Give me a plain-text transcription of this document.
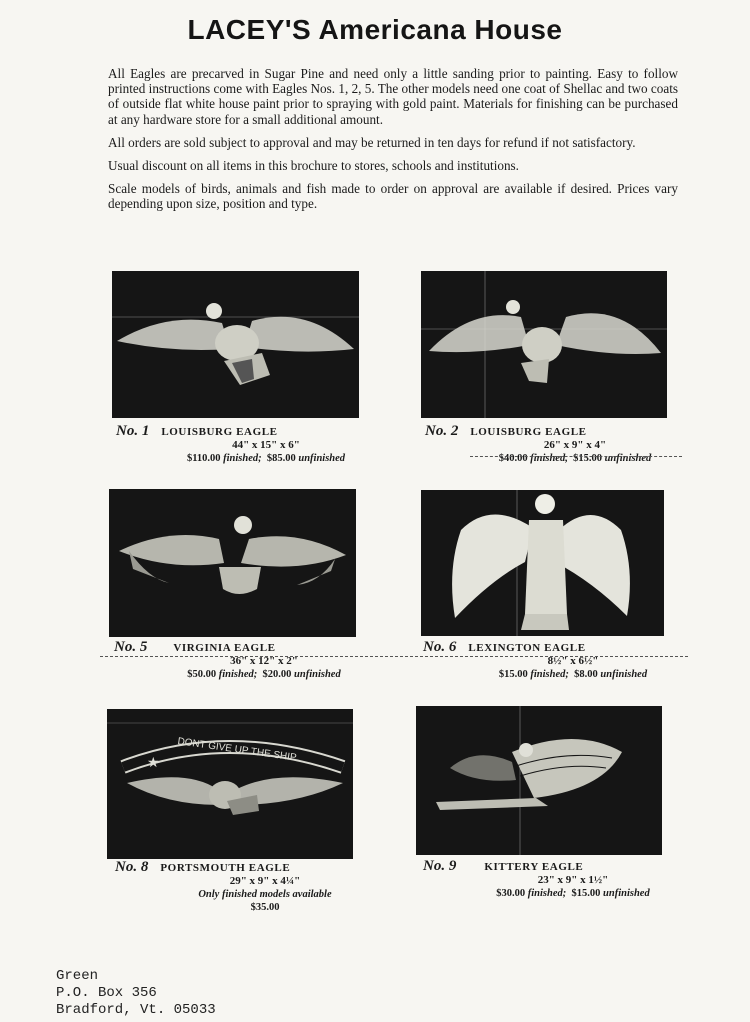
LACEY'S Americana House

All Eagles are precarved in Sugar Pine and need only a little sanding prior to painting. Easy to follow printed instructions come with Eagles Nos. 1, 2, 5. The other models need one coat of Shellac and two coats of outside flat white house paint prior to spraying with gold paint. Materials for finishing can be purchased at any hardware store for a small additional amount.

All orders are sold subject to approval and may be returned in ten days for refund if not satisfactory.

Usual discount on all items in this brochure to stores, schools and institutions.

Scale models of birds, animals and fish made to order on approval are available if desired. Prices vary depending upon size, position and type.

No. 1 LOUISBURG EAGLE
44" x 15" x 6"
$110.00 finished; $85.00 unfinished
No. 2 LOUISBURG EAGLE
26" x 9" x 4"
$40.00 finished, $15.00 unfinished
No. 5 VIRGINIA EAGLE
36" x 12" x 2"
$50.00 finished; $20.00 unfinished
No. 6 LEXINGTON EAGLE
8½" x 6½"
$15.00 finished; $8.00 unfinished
DONT GIVE UP THE SHIP
★
No. 8 PORTSMOUTH EAGLE
29" x 9" x 4¼"
Only finished models available
$35.00
No. 9	KITTERY EAGLE
23" x 9" x 1½"
$30.00 finished; $15.00 unfinished
Green
P.O. Box 356
Bradford, Vt. 05033
